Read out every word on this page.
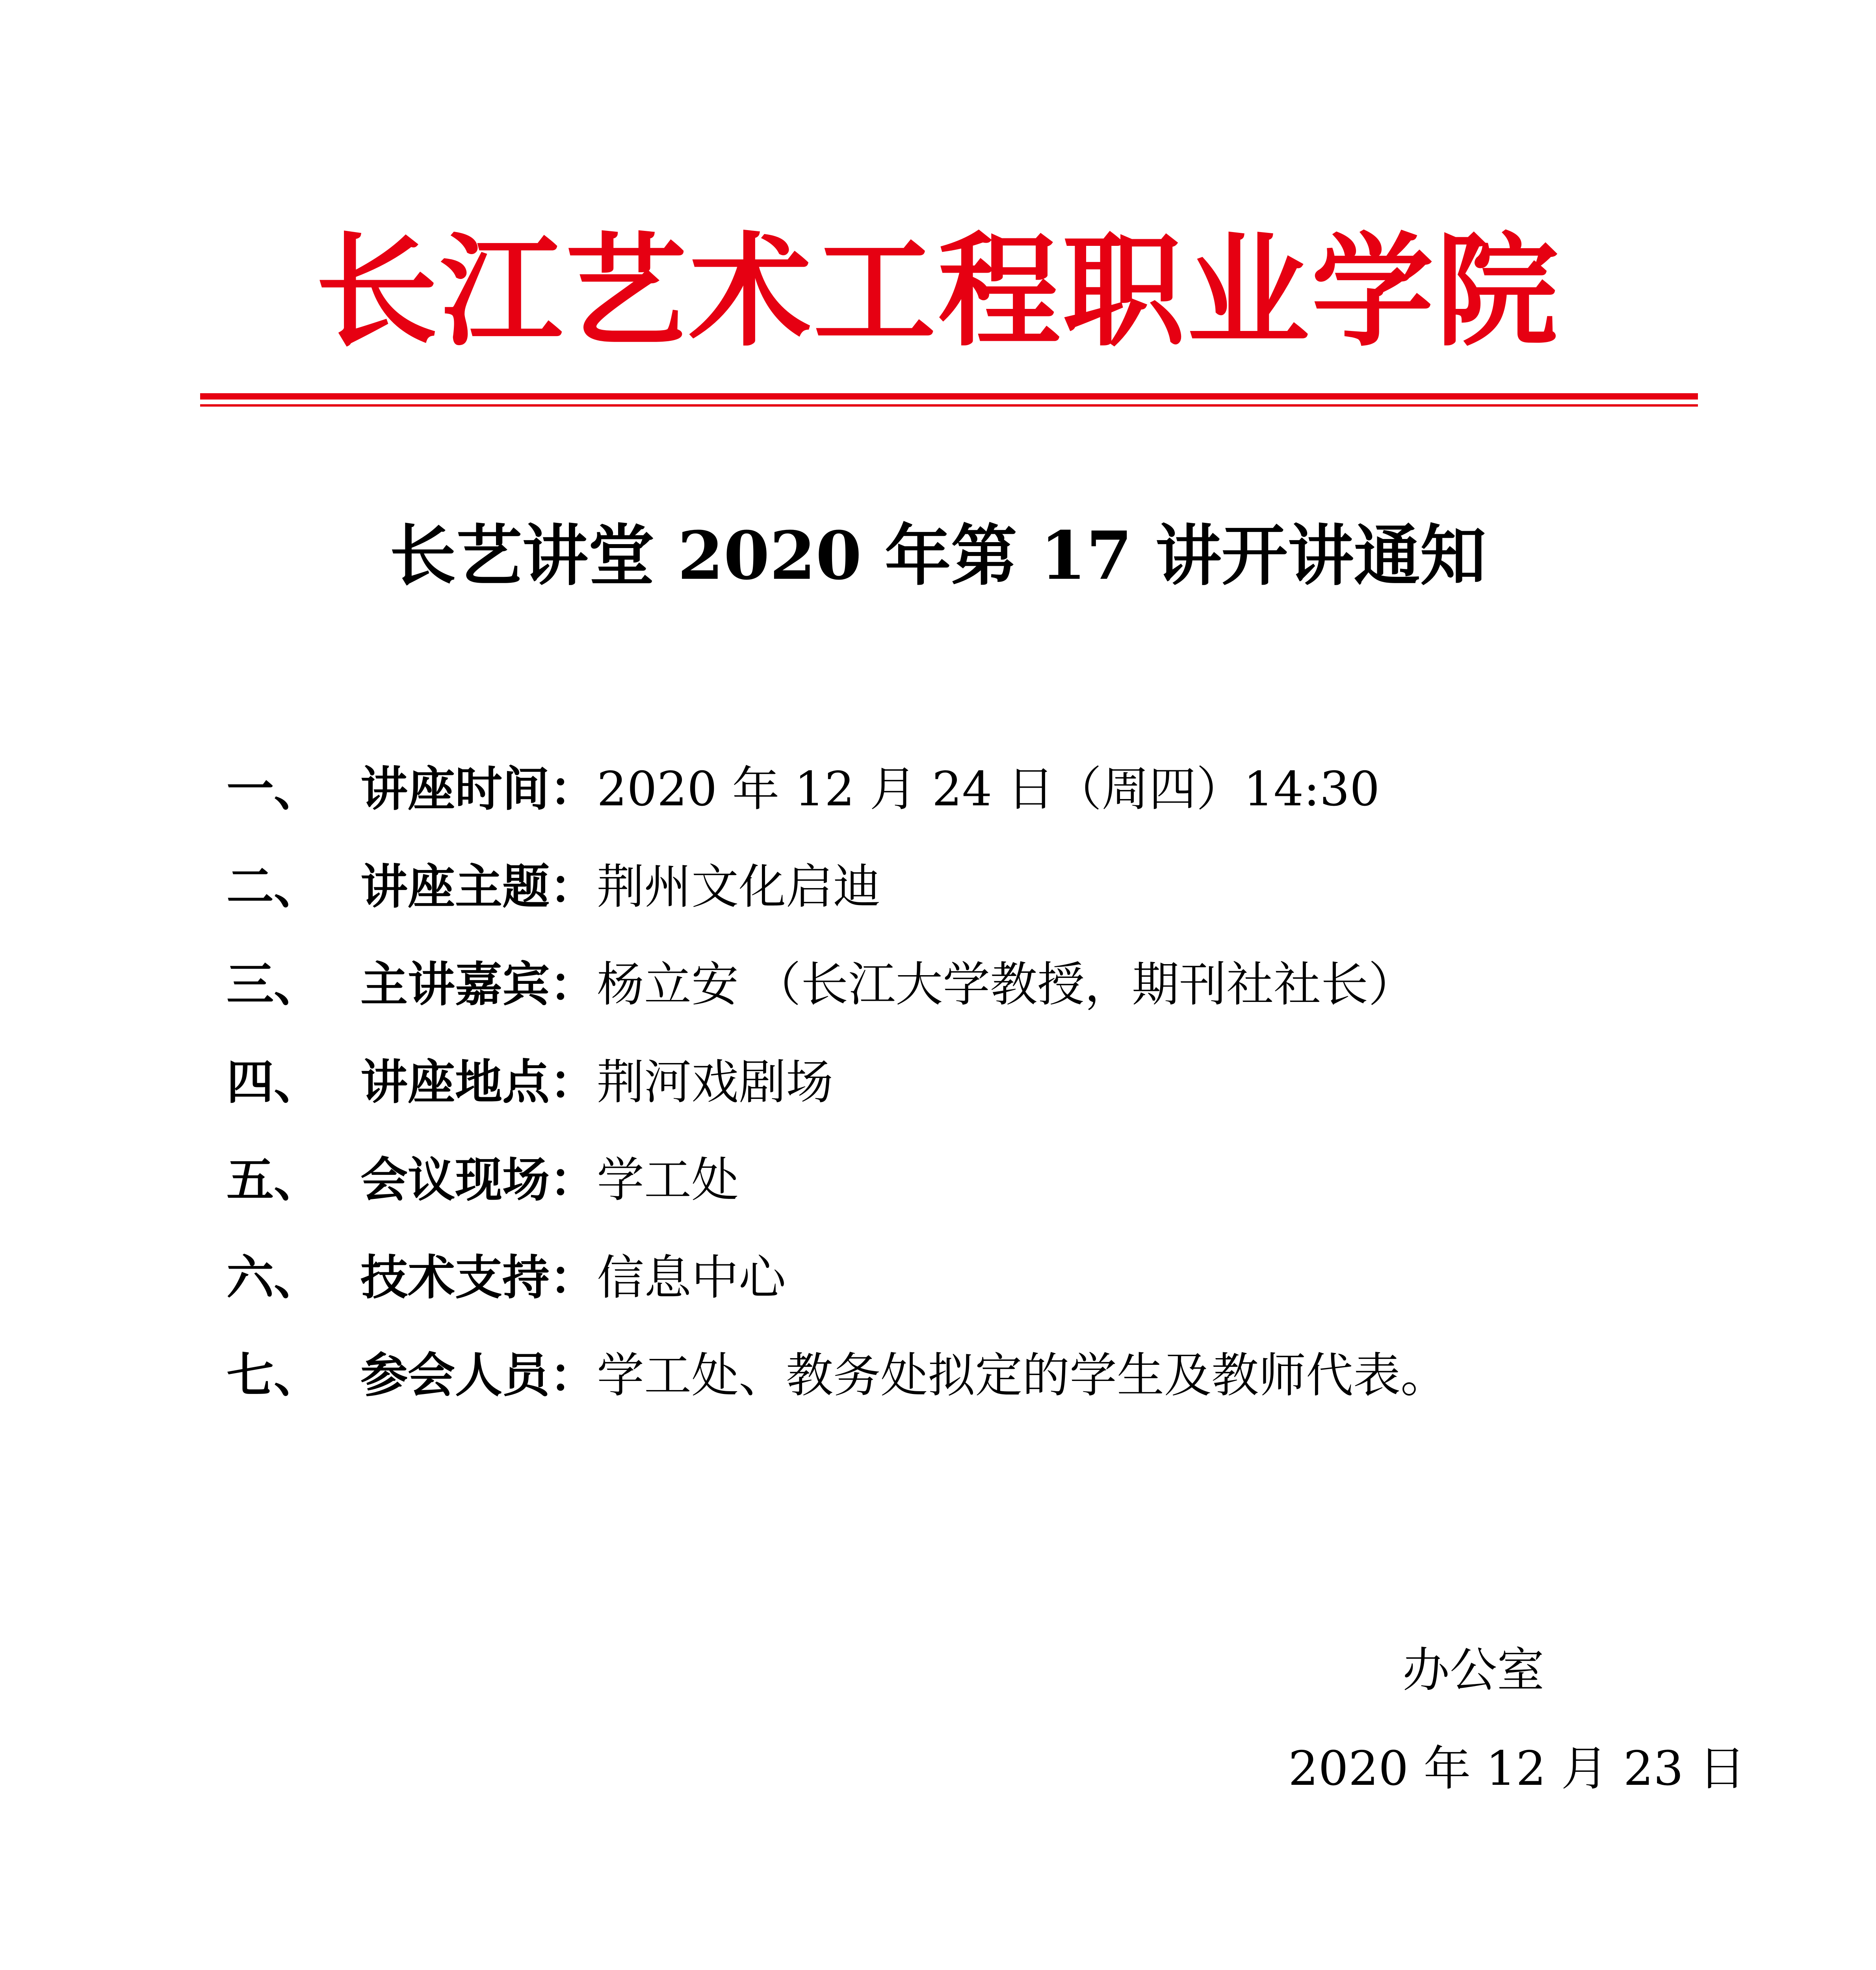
长江艺术工程职业学院
长艺讲堂 2020 年第 17 讲开讲通知
一、 讲座时间： 2020 年 12 月 24 日（周四）14:30
二、 讲座主题： 荆州文化启迪
三、 主讲嘉宾： 杨立安 （长江大学教授，期刊社社长）
四、 讲座地点： 荆河戏剧场
五、 会议现场： 学工处
六、 技术支持： 信息中心
七、 参会人员： 学工处、教务处拟定的学生及教师代表。
办公室
2020 年 12 月 23 日
